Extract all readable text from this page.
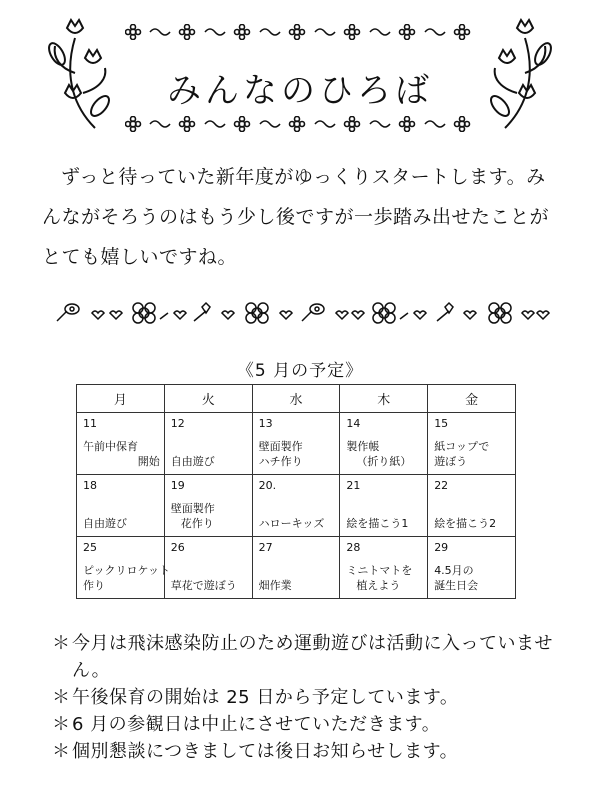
みんなのひろば

ずっと待っていた新年度がゆっくりスタートします。みんながそろうのはもう少し後ですが一歩踏み出せたことがとても嬉しいですね。

《5 月の予定》
月	火	水	木	金

11
午前中保育
開始	12
自由遊び	13
壁面製作
ハチ作り	14
製作帳
（折り紙）	15
紙コップで
遊ぼう

18
自由遊び	19
壁面製作
花作り	20.
ハローキッズ	21
絵を描こう1	22
絵を描こう2

25
ピックリロケット
作り	26
草花で遊ぼう	27
畑作業	28
ミニトマトを
植えよう	29
4.5月の
誕生日会
＊ 今月は飛沫感染防止のため運動遊びは活動に入っていません。
＊ 午後保育の開始は 25 日から予定しています。
＊ 6 月の参観日は中止にさせていただきます。
＊ 個別懇談につきましては後日お知らせします。
